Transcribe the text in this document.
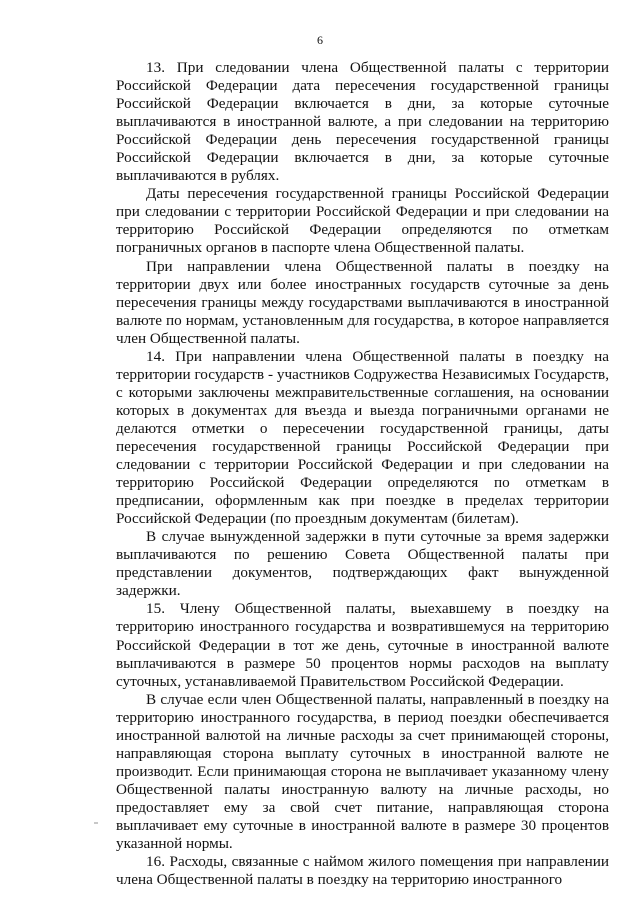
6

13. При следовании члена Общественной палаты с территории Российской Федерации дата пересечения государственной границы Российской Федерации включается в дни, за которые суточные выплачиваются в иностранной валюте, а при следовании на территорию Российской Федерации день пересечения государственной границы Российской Федерации включается в дни, за которые суточные выплачиваются в рублях.

Даты пересечения государственной границы Российской Федерации при следовании с территории Российской Федерации и при следовании на территорию Российской Федерации определяются по отметкам пограничных органов в паспорте члена Общественной палаты.

При направлении члена Общественной палаты в поездку на территории двух или более иностранных государств суточные за день пересечения границы между государствами выплачиваются в иностранной валюте по нормам, установленным для государства, в которое направляется член Общественной палаты.

14. При направлении члена Общественной палаты в поездку на территории государств - участников Содружества Независимых Государств, с которыми заключены межправительственные соглашения, на основании которых в документах для въезда и выезда пограничными органами не делаются отметки о пересечении государственной границы, даты пересечения государственной границы Российской Федерации при следовании с территории Российской Федерации и при следовании на территорию Российской Федерации определяются по отметкам в предписании, оформленным как при поездке в пределах территории Российской Федерации (по проездным документам (билетам).

В случае вынужденной задержки в пути суточные за время задержки выплачиваются по решению Совета Общественной палаты при представлении документов, подтверждающих факт вынужденной задержки.

15. Члену Общественной палаты, выехавшему в поездку на территорию иностранного государства и возвратившемуся на территорию Российской Федерации в тот же день, суточные в иностранной валюте выплачиваются в размере 50 процентов нормы расходов на выплату суточных, устанавливаемой Правительством Российской Федерации.

В случае если член Общественной палаты, направленный в поездку на территорию иностранного государства, в период поездки обеспечивается иностранной валютой на личные расходы за счет принимающей стороны, направляющая сторона выплату суточных в иностранной валюте не производит. Если принимающая сторона не выплачивает указанному члену Общественной палаты иностранную валюту на личные расходы, но предоставляет ему за свой счет питание, направляющая сторона выплачивает ему суточные в иностранной валюте в размере 30 процентов указанной нормы.

16. Расходы, связанные с наймом жилого помещения при направлении члена Общественной палаты в поездку на территорию иностранного
